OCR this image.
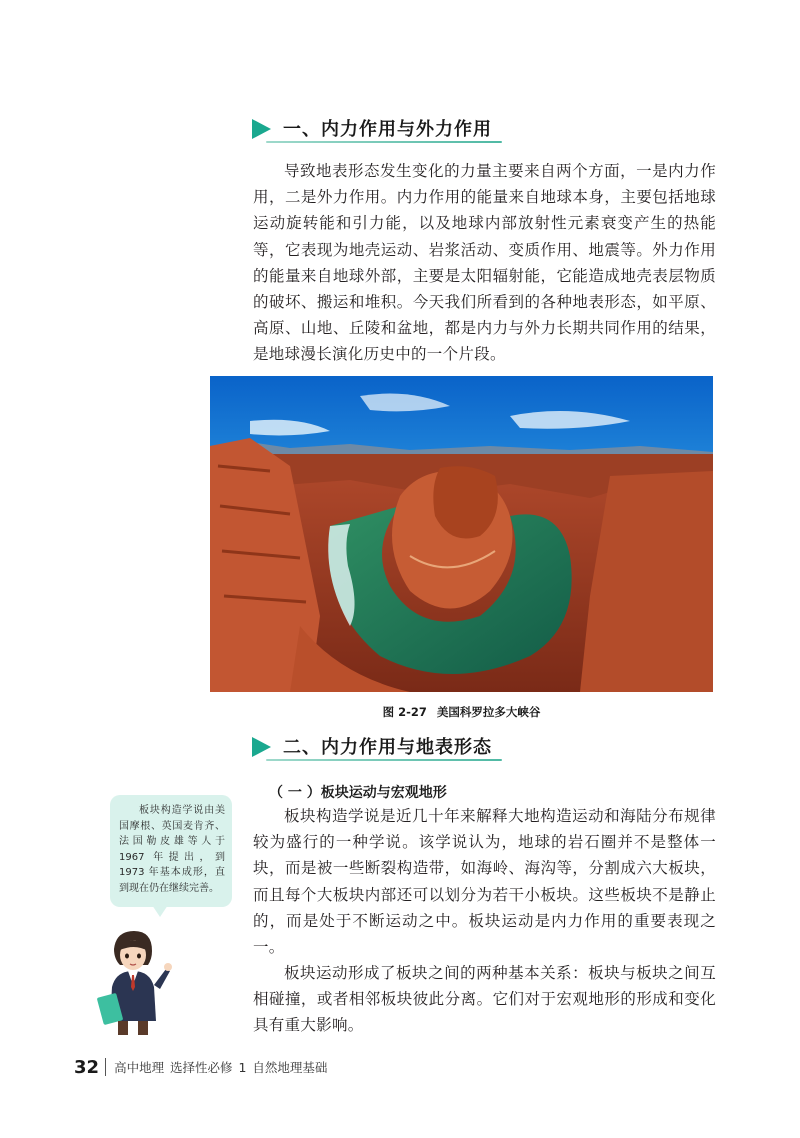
一、内力作用与外力作用

导致地表形态发生变化的力量主要来自两个方面，一是内力作用，二是外力作用。内力作用的能量来自地球本身，主要包括地球运动旋转能和引力能，以及地球内部放射性元素衰变产生的热能等，它表现为地壳运动、岩浆活动、变质作用、地震等。外力作用的能量来自地球外部，主要是太阳辐射能，它能造成地壳表层物质的破坏、搬运和堆积。今天我们所看到的各种地表形态，如平原、高原、山地、丘陵和盆地，都是内力与外力长期共同作用的结果，是地球漫长演化历史中的一个片段。

图 2-27 美国科罗拉多大峡谷
二、内力作用与地表形态
（ 一 ）板块运动与宏观地形

板块构造学说是近几十年来解释大地构造运动和海陆分布规律较为盛行的一种学说。该学说认为，地球的岩石圈并不是整体一块，而是被一些断裂构造带，如海岭、海沟等，分割成六大板块，而且每个大板块内部还可以划分为若干小板块。这些板块不是静止的，而是处于不断运动之中。板块运动是内力作用的重要表现之一。

板块运动形成了板块之间的两种基本关系：板块与板块之间互相碰撞，或者相邻板块彼此分离。它们对于宏观地形的形成和变化具有重大影响。

板块构造学说由美国摩根、英国麦肯齐、法国勒皮雄等人于 1967 年提出，到 1973 年基本成形，直到现在仍在继续完善。
32 高中地理 选择性必修 1 自然地理基础
